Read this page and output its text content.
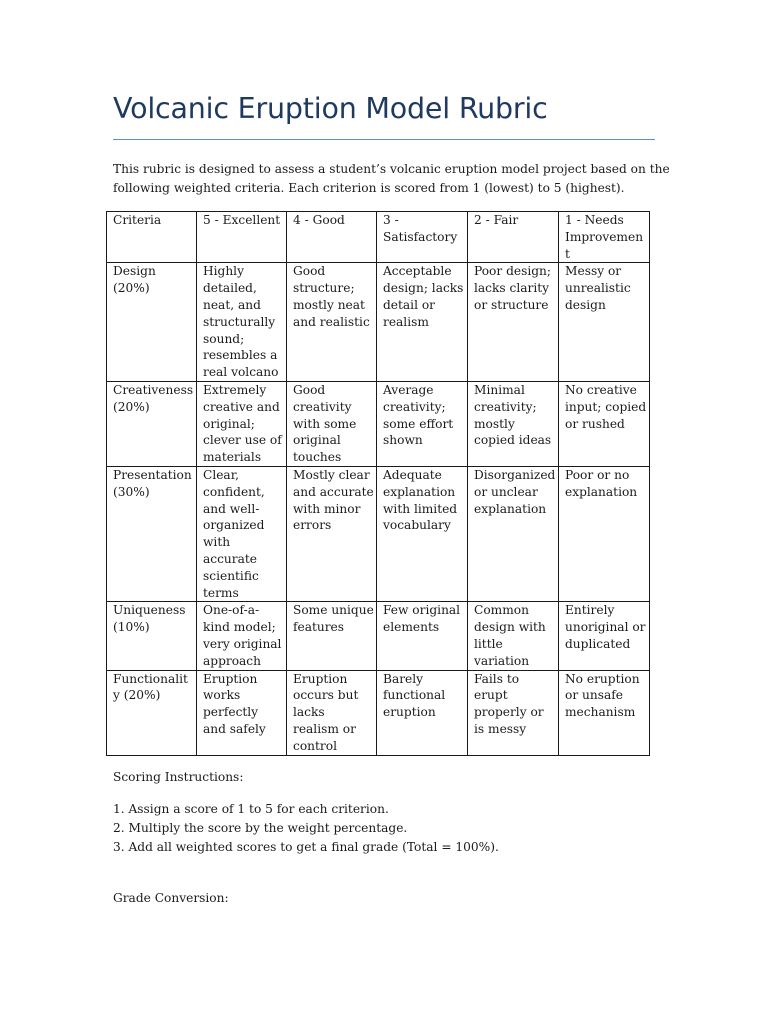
Volcanic Eruption Model Rubric

This rubric is designed to assess a student’s volcanic eruption model project based on the following weighted criteria. Each criterion is scored from 1 (lowest) to 5 (highest).

Criteria	5 - Excellent	4 - Good	3 - Satisfactory	2 - Fair	1 - Needs Improvement
Design (20%)	Highly detailed, neat, and structurally sound; resembles a real volcano	Good structure; mostly neat and realistic	Acceptable design; lacks detail or realism	Poor design; lacks clarity or structure	Messy or unrealistic design
Creativeness (20%)	Extremely creative and original; clever use of materials	Good creativity with some original touches	Average creativity; some effort shown	Minimal creativity; mostly copied ideas	No creative input; copied or rushed
Presentation (30%)	Clear, confident, and well-organized with accurate scientific terms	Mostly clear and accurate with minor errors	Adequate explanation with limited vocabulary	Disorganized or unclear explanation	Poor or no explanation
Uniqueness (10%)	One-of-a-kind model; very original approach	Some unique features	Few original elements	Common design with little variation	Entirely unoriginal or duplicated
Functionality (20%)	Eruption works perfectly and safely	Eruption occurs but lacks realism or control	Barely functional eruption	Fails to erupt properly or is messy	No eruption or unsafe mechanism

Scoring Instructions:

1. Assign a score of 1 to 5 for each criterion.
2. Multiply the score by the weight percentage.
3. Add all weighted scores to get a final grade (Total = 100%).

Grade Conversion:
